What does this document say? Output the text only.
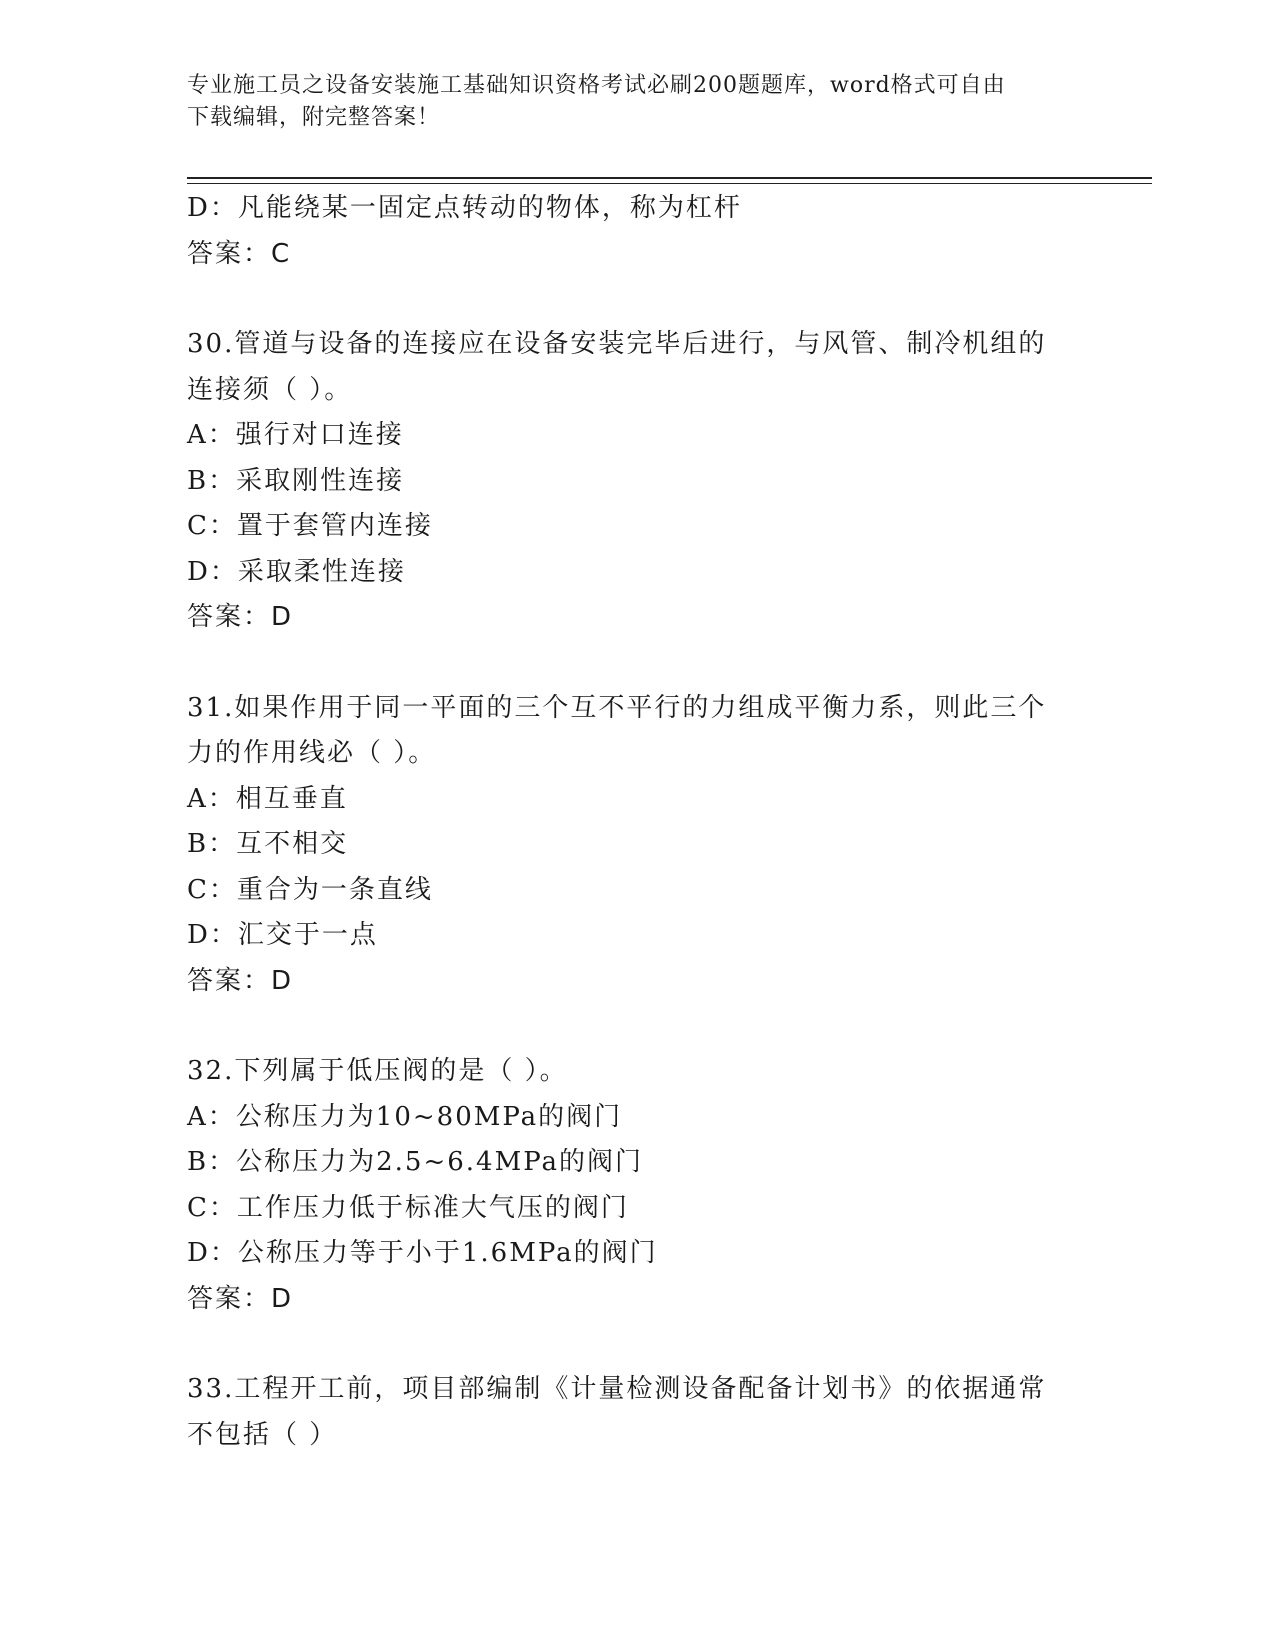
专业施工员之设备安装施工基础知识资格考试必刷200题题库，word格式可自由
下载编辑，附完整答案！
D：凡能绕某一固定点转动的物体，称为杠杆
答案：C
30.管道与设备的连接应在设备安装完毕后进行，与风管、制冷机组的
连接须（ ）。
A：强行对口连接
B：采取刚性连接
C：置于套管内连接
D：采取柔性连接
答案：D
31.如果作用于同一平面的三个互不平行的力组成平衡力系，则此三个
力的作用线必（ ）。
A：相互垂直
B：互不相交
C：重合为一条直线
D：汇交于一点
答案：D
32.下列属于低压阀的是（ ）。
A：公称压力为10~80MPa的阀门
B：公称压力为2.5~6.4MPa的阀门
C：工作压力低于标准大气压的阀门
D：公称压力等于小于1.6MPa的阀门
答案：D
33.工程开工前，项目部编制《计量检测设备配备计划书》的依据通常
不包括（ ）
